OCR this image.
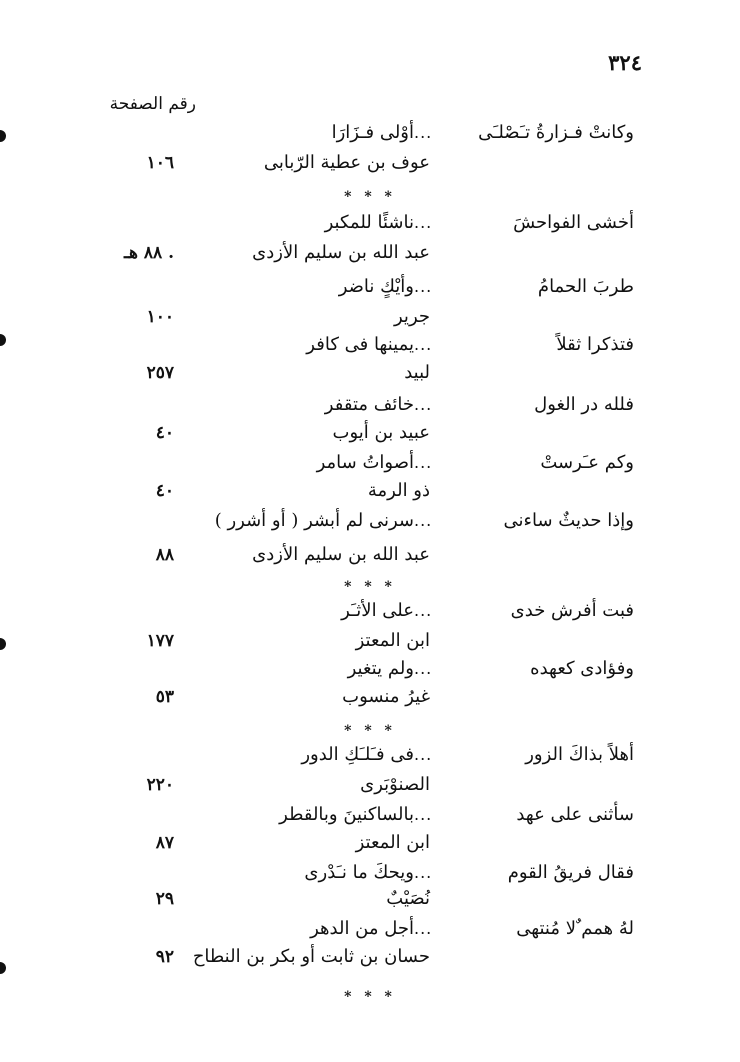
٣٢٤
رقم الصفحة
وكانتْ فـزارةُ تـَصْلـَى
...
أوْلى فـزَارَا
عوف بن عطية الرّبابى
١٠٦
* * *
أخشى الفواحشَ
...
ناشئًا للمكبر
عبد الله بن سليم الأزدى
. ٨٨ هـ
طربَ الحمامُ
...
وأيْكٍ ناضر
جرير
١٠٠
فتذكرا ثقلاً
...
يمينها فى كافر
لبيد
٢٥٧
فلله در الغول
...
خائف متقفر
عبيد بن أيوب
٤٠
وكم عـَرستْ
...
أصواتُ سامر
ذو الرمة
٤٠
وإذا حديثٌ ساءنى
...
سرنى لم أبشر ( أو أشرر )
عبد الله بن سليم الأزدى
٨٨
* * *
فبت أفرش خدى
...
على الأثـَر
ابن المعتز
١٧٧
وفؤادى كعهده
...
ولم يتغير
غيرُ منسوب
٥٣
* * *
أهلاً بذاكَ الزور
...
فى فـَلـَكِ الدور
الصنوْبَرى
٢٢٠
سأثنى على عهد
...
بالساكنينَ وبالقطر
ابن المعتز
٨٧
فقال فريقُ القوم
...
ويحكَ ما نـَدْرى
نُصَيْبٌ
٢٩
لهُ همم ٌلا مُنتهى
...
أجل من الدهر
حسان بن ثابت أو بكر بن النطاح
٩٢
* * *
